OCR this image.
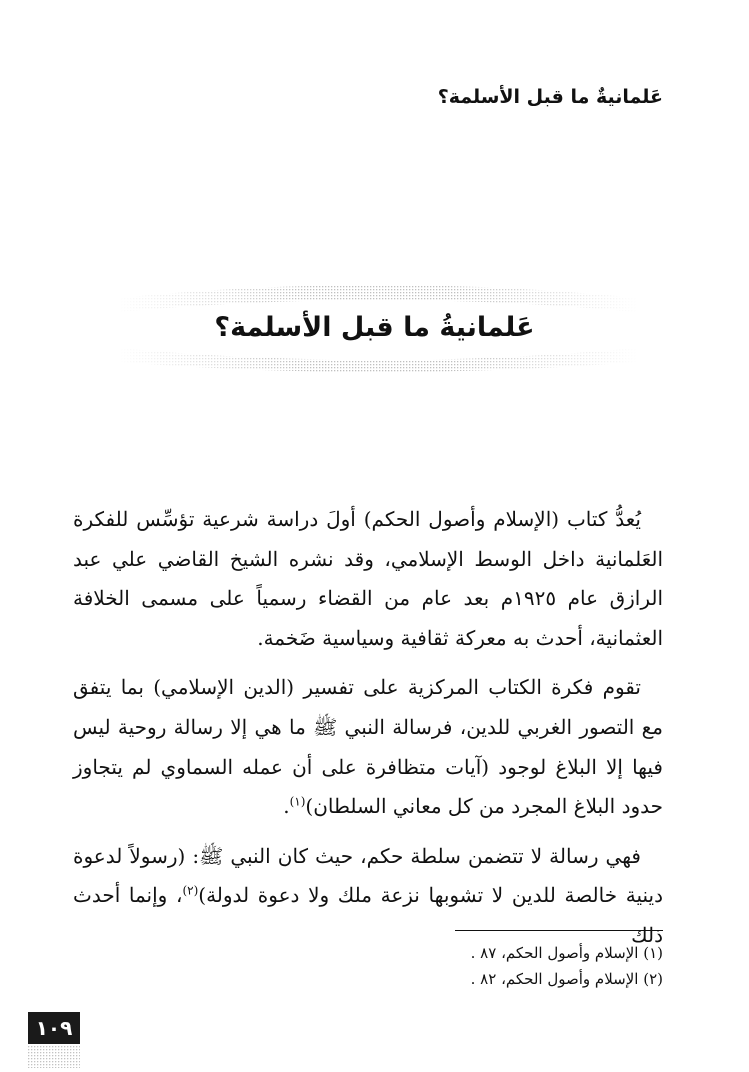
عَلمانيةٌ ما قبل الأسلمة؟
عَلمانيةُ ما قبل الأسلمة؟

يُعدُّ كتاب (الإسلام وأصول الحكم) أولَ دراسة شرعية تؤسِّس للفكرة العَلمانية داخل الوسط الإسلامي، وقد نشره الشيخ القاضي علي عبد الرازق عام ١٩٢٥م بعد عام من القضاء رسمياً على مسمى الخلافة العثمانية، أحدث به معركة ثقافية وسياسية ضَخمة.

تقوم فكرة الكتاب المركزية على تفسير (الدين الإسلامي) بما يتفق مع التصور الغربي للدين، فرسالة النبي ﷺ ما هي إلا رسالة روحية ليس فيها إلا البلاغ لوجود (آيات متظافرة على أن عمله السماوي لم يتجاوز حدود البلاغ المجرد من كل معاني السلطان)$^{(١)}$.

فهي رسالة لا تتضمن سلطة حكم، حيث كان النبي ﷺ: (رسولاً لدعوة دينية خالصة للدين لا تشوبها نزعة ملك ولا دعوة لدولة)$^{(٢)}$، وإنما أحدث ذلك

(١) الإسلام وأصول الحكم، ٨٧ .
(٢) الإسلام وأصول الحكم، ٨٢ .
١٠٩
